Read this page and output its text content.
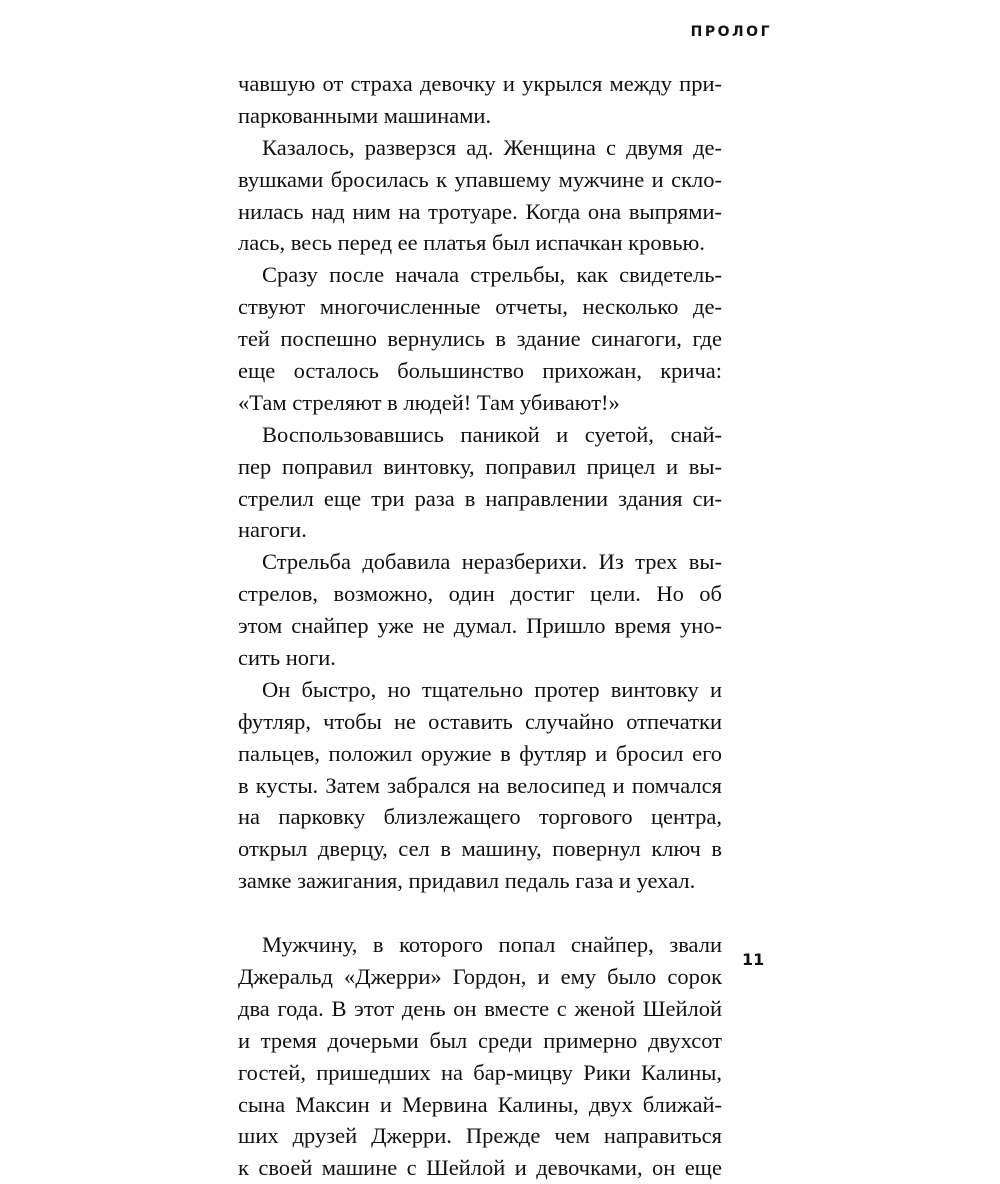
ПРОЛОГ
чавшую от страха девочку и укрылся между при-
паркованными машинами.
Казалось, разверзся ад. Женщина с двумя де-
вушками бросилась к упавшему мужчине и скло-
нилась над ним на тротуаре. Когда она выпрями-
лась, весь перед ее платья был испачкан кровью.
Сразу после начала стрельбы, как свидетель-
ствуют многочисленные отчеты, несколько де-
тей поспешно вернулись в здание синагоги, где
еще осталось большинство прихожан, крича:
«Там стреляют в людей! Там убивают!»
Воспользовавшись паникой и суетой, снай-
пер поправил винтовку, поправил прицел и вы-
стрелил еще три раза в направлении здания си-
нагоги.
Стрельба добавила неразберихи. Из трех вы-
стрелов, возможно, один достиг цели. Но об
этом снайпер уже не думал. Пришло время уно-
сить ноги.
Он быстро, но тщательно протер винтовку и
футляр, чтобы не оставить случайно отпечатки
пальцев, положил оружие в футляр и бросил его
в кусты. Затем забрался на велосипед и помчался
на парковку близлежащего торгового центра,
открыл дверцу, сел в машину, повернул ключ в
замке зажигания, придавил педаль газа и уехал.
Мужчину, в которого попал снайпер, звали
Джеральд «Джерри» Гордон, и ему было сорок
два года. В этот день он вместе с женой Шейлой
и тремя дочерьми был среди примерно двухсот
гостей, пришедших на бар-мицву Рики Калины,
сына Максин и Мервина Калины, двух ближай-
ших друзей Джерри. Прежде чем направиться
к своей машине с Шейлой и девочками, он еще
11
